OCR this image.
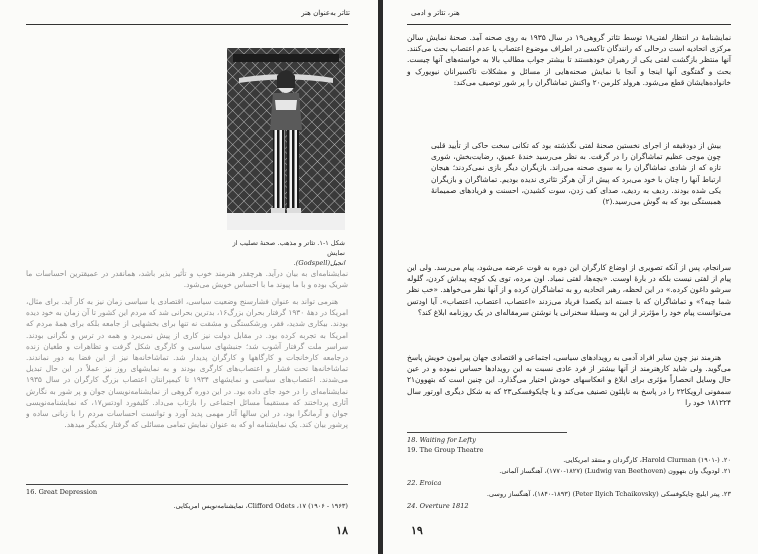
تئاتر به‌عنوان هنر
شکل ۱-۱. تئاتر و مذهب. صحنهٔ تصلیب از نمایش
انجیل(Godspell).
نمایشنامه‌ای به بیان درآید. هرچقدر هنرمند خوب و تأثیر بذیر باشد، همانقدر در عمیقترین احساسات ما شریک بوده و با ما پیوند ما با احساس خویش می‌شود.
هنرمی تواند به عنوان فشارسنج وضعیت سیاسی، اقتصادی یا سیاسی زمان نیز به کار آید. برای مثال، امریکا در دههٔ ۱۹۳۰ گرفتار بحران بزرگ۱۶، بدترین بحرانی شد که مردم این کشور تا آن زمان به خود دیده بودند. بیکاری شدید، فقر، ورشکستگی و مشقت نه تنها برای بخشهایی از جامعه بلکه برای همهٔ مردم که امریکا به تجربه کرده بود. در مقابل دولت نیز کاری از پیش نمی‌برد و همه در ترس و نگرانی بودند. سراسر ملت گرفتار آشوب شد؛ جنبشهای سیاسی و کارگری شکل گرفت و تظاهرات و طغیان زنده درجامعه کارخانجات و کارگاهها و کارگران پدیدار شد. تماشاخانه‌ها نیز از این فضا به دور نماندند. تماشاخانه‌ها تحت فشار و اعتصاب‌های کارگری بودند و به نمایشهای روز نیز عملاً در این حال تبدیل می‌شدند. اعتصاب‌های سیاسی و نمایشهای ۱۹۳۴ تا کیمپرانتان اعتصاب بزرگ کارگران در سال ۱۹۳۵ نمایشنامه‌ای را در خود جای داده بود. در این دوره گروهی از نمایشنامه‌نویسان جوان و پر شور به نگارش آثاری پرداختند که مستقیماً مسائل اجتماعی را بازتاب می‌داد. کلیفورد اودتس۱۷، که نمایشنامه‌نویسی جوان و آرمانگرا بود، در این سالها آثار مهمی پدید آورد و توانست احساسات مردم را با زبانی ساده و پرشور بیان کند. یک نمایشنامه او که به عنوان نمایش تمامی مسائلی که گرفتار یکدیگر میدهد.
16. Great Depression
Clifford Odets ،۱۷ (۱۹۰۶ - ۱۹۶۳)، نمایشنامه‌نویس امریکایی.
۱۸
هنر، تئاتر و ادمی
نمایشنامهٔ در انتظار لفتی۱۸ توسط تئاتر گروهی۱۹ در سال ۱۹۳۵ به روی صحنه آمد. صحنهٔ نمایش سالن مرکزی اتحادیه است درحالی که رانندگان تاکسی در اطراف موضوع اعتصاب یا عدم اعتصاب بحث می‌کنند. آنها منتظر بازگشت لفتی یکی از رهبران خودهستند تا بیشتر جواب مطالب بالا به خواسته‌های آنها چیست. بحث و گفتگوی آنها اینجا و آنجا با نمایش صحنه‌هایی از مسائل و مشکلات تاکسیرانان نیویورک و خانواده‌هایشان قطع می‌شود. هرولد کلرمن۲۰ واکنش تماشاگران را پر شور توصیف می‌کند:
بیش از دودقیقه از اجرای نخستین صحنهٔ لفتی نگذشته بود که تکانی سخت حاکی از تأیید قلبی چون موجی عظیم تماشاگران را در گرفت. به نظر می‌رسید خندهٔ عمیق، رضایت‌بخش، شوری تازه که از شادی تماشاگران را به سوی صحنه می‌راند. بازیگران دیگر بازی نمی‌کردند؛ هیجان ارتباط آنها را چنان با خود می‌برد که پیش از آن هرگز تئاتری ندیده بودیم. تماشاگران و بازیگران یکی شده بودند. ردیف به ردیف، صدای کف زدن، سوت کشیدن، احسنت و فریادهای صمیمانهٔ همبستگی بود که به گوش می‌رسید.(۲)
سرانجام، پس از آنکه تصویری از اوضاع کارگران این دوره به قوت عرضه می‌شود، پیام می‌رسد. ولی این پیام از لفتی نیست بلکه در بارهٔ اوست. «بچه‌ها، لفتی نمیاد. اون مرده، توی یک کوچه پیداش کردن، گلوله سرشو داغون کرده.» در این لحظه، رهبر اتحادیه رو به تماشاگران کرده و از آنها نظر می‌خواهد. «خب نظر شما چیه؟» و تماشاگران که با جسته اند یکصدا فریاد می‌زدند «اعتصاب، اعتصاب، اعتصاب». آیا اودتس می‌توانست پیام خود را مؤثرتر از این به وسیلهٔ سخنرانی یا نوشتن سرمقاله‌ای در یک روزنامه ابلاغ کند؟
هنرمند نیز چون سایر افراد آدمی به رویدادهای سیاسی، اجتماعی و اقتصادی جهان پیرامون خویش پاسخ می‌گوید. ولی شاید کارهنرمند از آنها بیشتر از فرد عادی نسبت به این رویدادها حساس نموده و در عین حال وسایل انحصاراً مؤثری برای ابلاغ و انعکاسهای خودش اختیار می‌گذارد. این چنین است که بتهوون۲۱ سمفونی ارویکا۲۲ را در پاسخ به ناپلئون تصنیف می‌کند و یا چایکوفسکی۲۳ که به شکل دیگری اورتور سال ۱۸۱۲۲۴ خود را
18. Waiting for Lefty
19. The Group Theatre
۲۰. Harold Clurman (۱۹۰۱-)، کارگردان و منتقد امریکایی.
۲۱. لودویگ وان بتهوون (Ludwig van Beethoven) (۱۷۷۰-۱۸۲۷)، آهنگساز آلمانی.
22. Eroica
۲۳. پیتر ایلیچ چایکوفسکی (Peter Ilyich Tchaikovsky) (۱۸۴۰-۱۸۹۳)، آهنگساز روسی.
24. Overture 1812
۱۹
